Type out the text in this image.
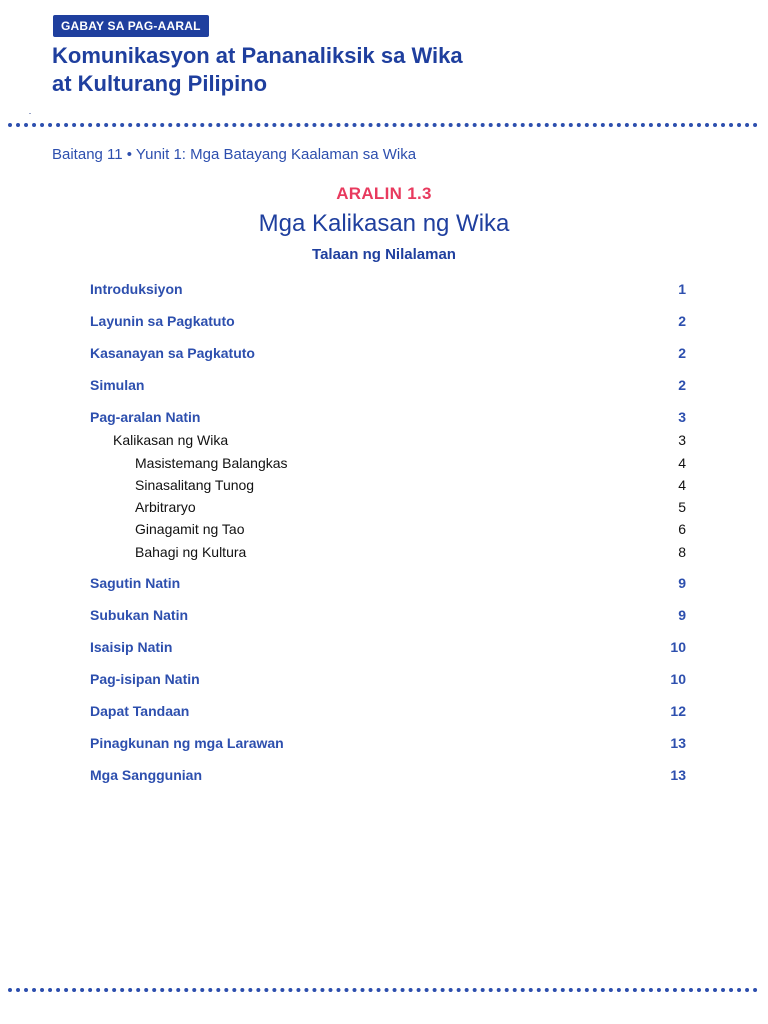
GABAY SA PAG-AARAL
Komunikasyon at Pananaliksik sa Wika
at Kulturang Pilipino
Baitang 11 • Yunit 1: Mga Batayang Kaalaman sa Wika
ARALIN 1.3
Mga Kalikasan ng Wika
Talaan ng Nilalaman
Introduksiyon	1
Layunin sa Pagkatuto	2
Kasanayan sa Pagkatuto	2
Simulan	2
Pag-aralan Natin	3
Kalikasan ng Wika	3
Masistemang Balangkas	4
Sinasalitang Tunog	4
Arbitraryo	5
Ginagamit ng Tao	6
Bahagi ng Kultura	8
Sagutin Natin	9
Subukan Natin	9
Isaisip Natin	10
Pag-isipan Natin	10
Dapat Tandaan	12
Pinagkunan ng mga Larawan	13
Mga Sanggunian	13
